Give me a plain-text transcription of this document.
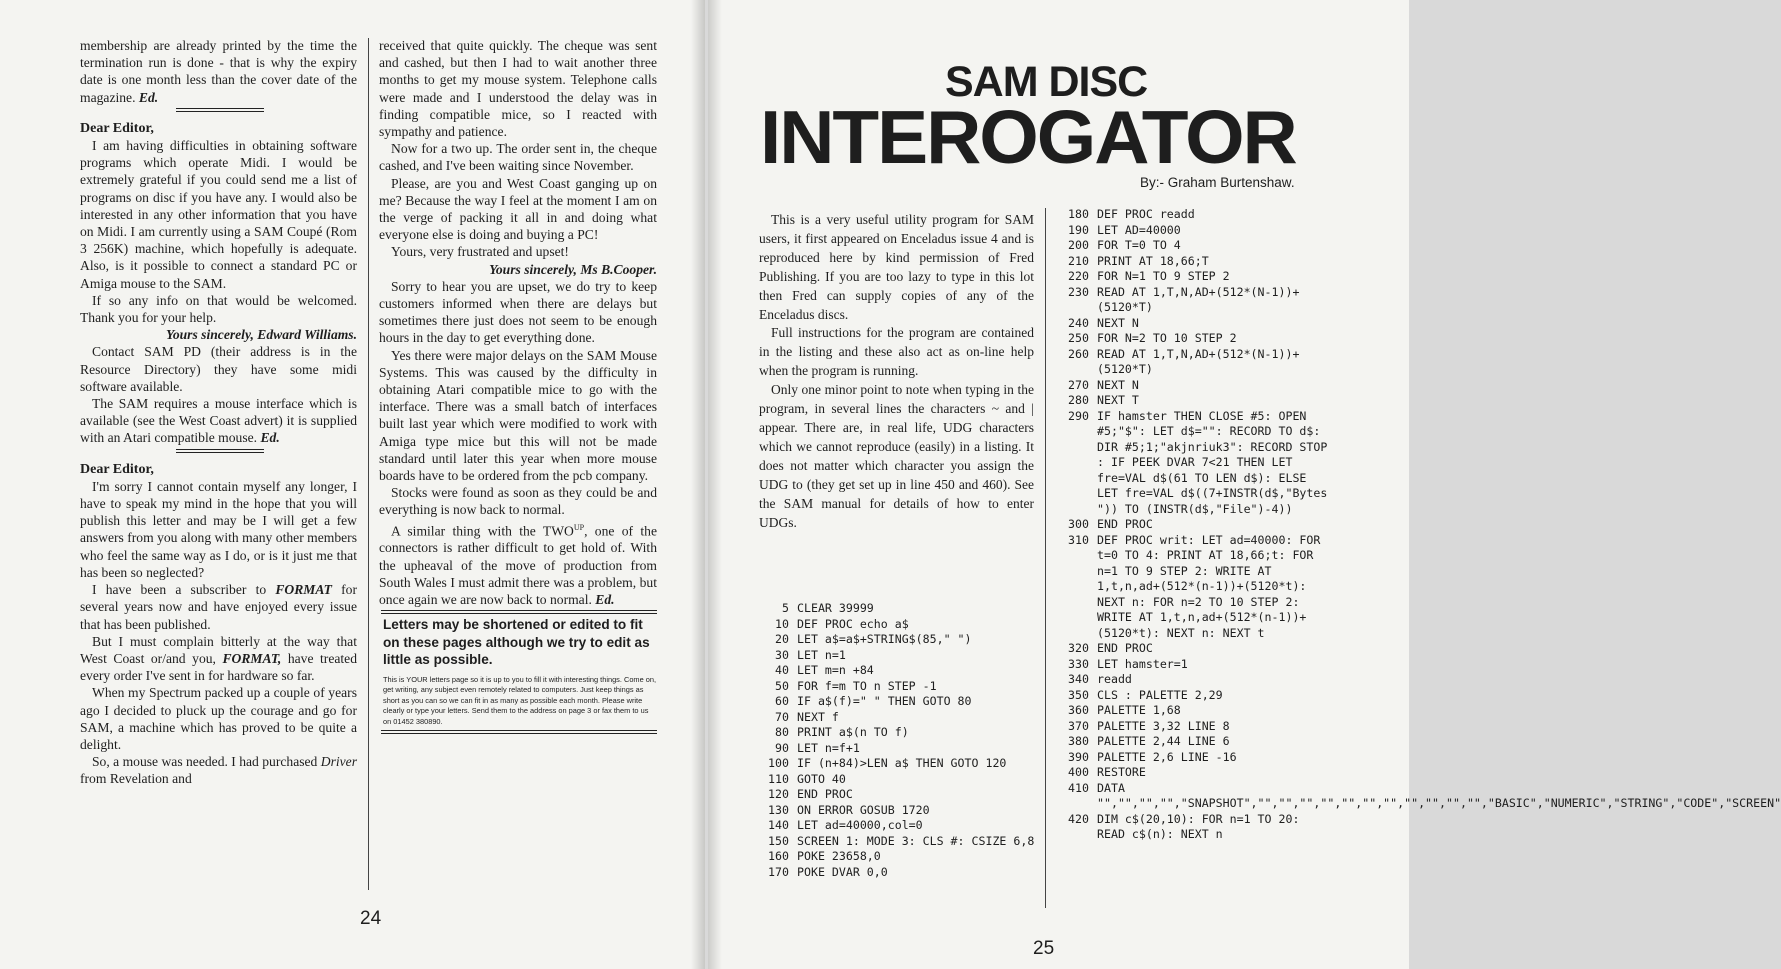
membership are already printed by the time the termination run is done - that is why the expiry date is one month less than the cover date of the magazine. Ed.

Dear Editor,

I am having difficulties in obtaining software programs which operate Midi. I would be extremely grateful if you could send me a list of programs on disc if you have any. I would also be interested in any other information that you have on Midi. I am currently using a SAM Coupé (Rom 3 256K) machine, which hopefully is adequate. Also, is it possible to connect a standard PC or Amiga mouse to the SAM.

If so any info on that would be welcomed. Thank you for your help.

Yours sincerely, Edward Williams.

Contact SAM PD (their address is in the Resource Directory) they have some midi software available.

The SAM requires a mouse interface which is available (see the West Coast advert) it is supplied with an Atari compatible mouse. Ed.

Dear Editor,

I'm sorry I cannot contain myself any longer, I have to speak my mind in the hope that you will publish this letter and may be I will get a few answers from you along with many other members who feel the same way as I do, or is it just me that has been so neglected?

I have been a subscriber to FORMAT for several years now and have enjoyed every issue that has been published.

But I must complain bitterly at the way that West Coast or/and you, FORMAT, have treated every order I've sent in for hardware so far.

When my Spectrum packed up a couple of years ago I decided to pluck up the courage and go for SAM, a machine which has proved to be quite a delight.

So, a mouse was needed. I had purchased Driver from Revelation and

received that quite quickly. The cheque was sent and cashed, but then I had to wait another three months to get my mouse system. Telephone calls were made and I understood the delay was in finding compatible mice, so I reacted with sympathy and patience.

Now for a two up. The order sent in, the cheque cashed, and I've been waiting since November.

Please, are you and West Coast ganging up on me? Because the way I feel at the moment I am on the verge of packing it all in and doing what everyone else is doing and buying a PC!

Yours, very frustrated and upset!

Yours sincerely, Ms B.Cooper.

Sorry to hear you are upset, we do try to keep customers informed when there are delays but sometimes there just does not seem to be enough hours in the day to get everything done.

Yes there were major delays on the SAM Mouse Systems. This was caused by the difficulty in obtaining Atari compatible mice to go with the interface. There was a small batch of interfaces built last year which were modified to work with Amiga type mice but this will not be made standard until later this year when more mouse boards have to be ordered from the pcb company.

Stocks were found as soon as they could be and everything is now back to normal.

A similar thing with the $TWO^{UP}$, one of the connectors is rather difficult to get hold of. With the upheaval of the move of production from South Wales I must admit there was a problem, but once again we are now back to normal. Ed.

Letters may be shortened or edited to fit on these pages although we try to edit as little as possible.

This is YOUR letters page so it is up to you to fill it with interesting things. Come on, get writing, any subject even remotely related to computers. Just keep things as short as you can so we can fit in as many as possible each month. Please write clearly or type your letters. Send them to the address on page 3 or fax them to us on 01452 380890.

24
SAM DISC
INTEROGATOR
By:- Graham Burtenshaw.

This is a very useful utility program for SAM users, it first appeared on Enceladus issue 4 and is reproduced here by kind permission of Fred Publishing. If you are too lazy to type in this lot then Fred can supply copies of any of the Enceladus discs.

Full instructions for the program are contained in the listing and these also act as on-line help when the program is running.

Only one minor point to note when typing in the program, in several lines the characters ~ and | appear. There are, in real life, UDG characters which we cannot reproduce (easily) in a listing. It does not matter which character you assign the UDG to (they get set up in line 450 and 460). See the SAM manual for details of how to enter UDGs.

5 CLEAR 39999
10 DEF PROC echo a$
20 LET a$=a$+STRING$(85," ")
30 LET n=1
40 LET m=n +84
50 FOR f=m TO n STEP -1
60 IF a$(f)=" " THEN GOTO 80
70 NEXT f
80 PRINT a$(n TO f)
90 LET n=f+1
100 IF (n+84)>LEN a$ THEN GOTO 120
110 GOTO 40
120 END PROC
130 ON ERROR GOSUB 1720
140 LET ad=40000,col=0
150 SCREEN 1: MODE 3: CLS #: CSIZE 6,8
160 POKE 23658,0
170 POKE DVAR 0,0
180 DEF PROC readd
190 LET AD=40000
200 FOR T=0 TO 4
210 PRINT AT 18,66;T
220 FOR N=1 TO 9 STEP 2
230 READ AT 1,T,N,AD+(512*(N-1))+(5120*T)
240 NEXT N
250 FOR N=2 TO 10 STEP 2
260 READ AT 1,T,N,AD+(512*(N-1))+(5120*T)
270 NEXT N
280 NEXT T
290 IF hamster THEN CLOSE #5: OPEN #5;"$": LET d$="": RECORD TO d$: DIR #5;1;"akjnriuk3": RECORD STOP : IF PEEK DVAR 7<21 THEN LET fre=VAL d$(61 TO LEN d$): ELSE LET fre=VAL d$((7+INSTR(d$,"Bytes ")) TO (INSTR(d$,"File")-4))
300 END PROC
310 DEF PROC writ: LET ad=40000: FOR t=0 TO 4: PRINT AT 18,66;t: FOR n=1 TO 9 STEP 2: WRITE AT 1,t,n,ad+(512*(n-1))+(5120*t): NEXT n: FOR n=2 TO 10 STEP 2: WRITE AT 1,t,n,ad+(512*(n-1))+(5120*t): NEXT n: NEXT t
320 END PROC
330 LET hamster=1
340 readd
350 CLS : PALETTE 2,29
360 PALETTE 1,68
370 PALETTE 3,32 LINE 8
380 PALETTE 2,44 LINE 6
390 PALETTE 2,6 LINE -16
400 RESTORE
410 DATA "","","","","SNAPSHOT","","","","","","","","","","","","BASIC","NUMERIC","STRING","CODE","SCREEN"
420 DIM c$(20,10): FOR n=1 TO 20: READ c$(n): NEXT n
25
